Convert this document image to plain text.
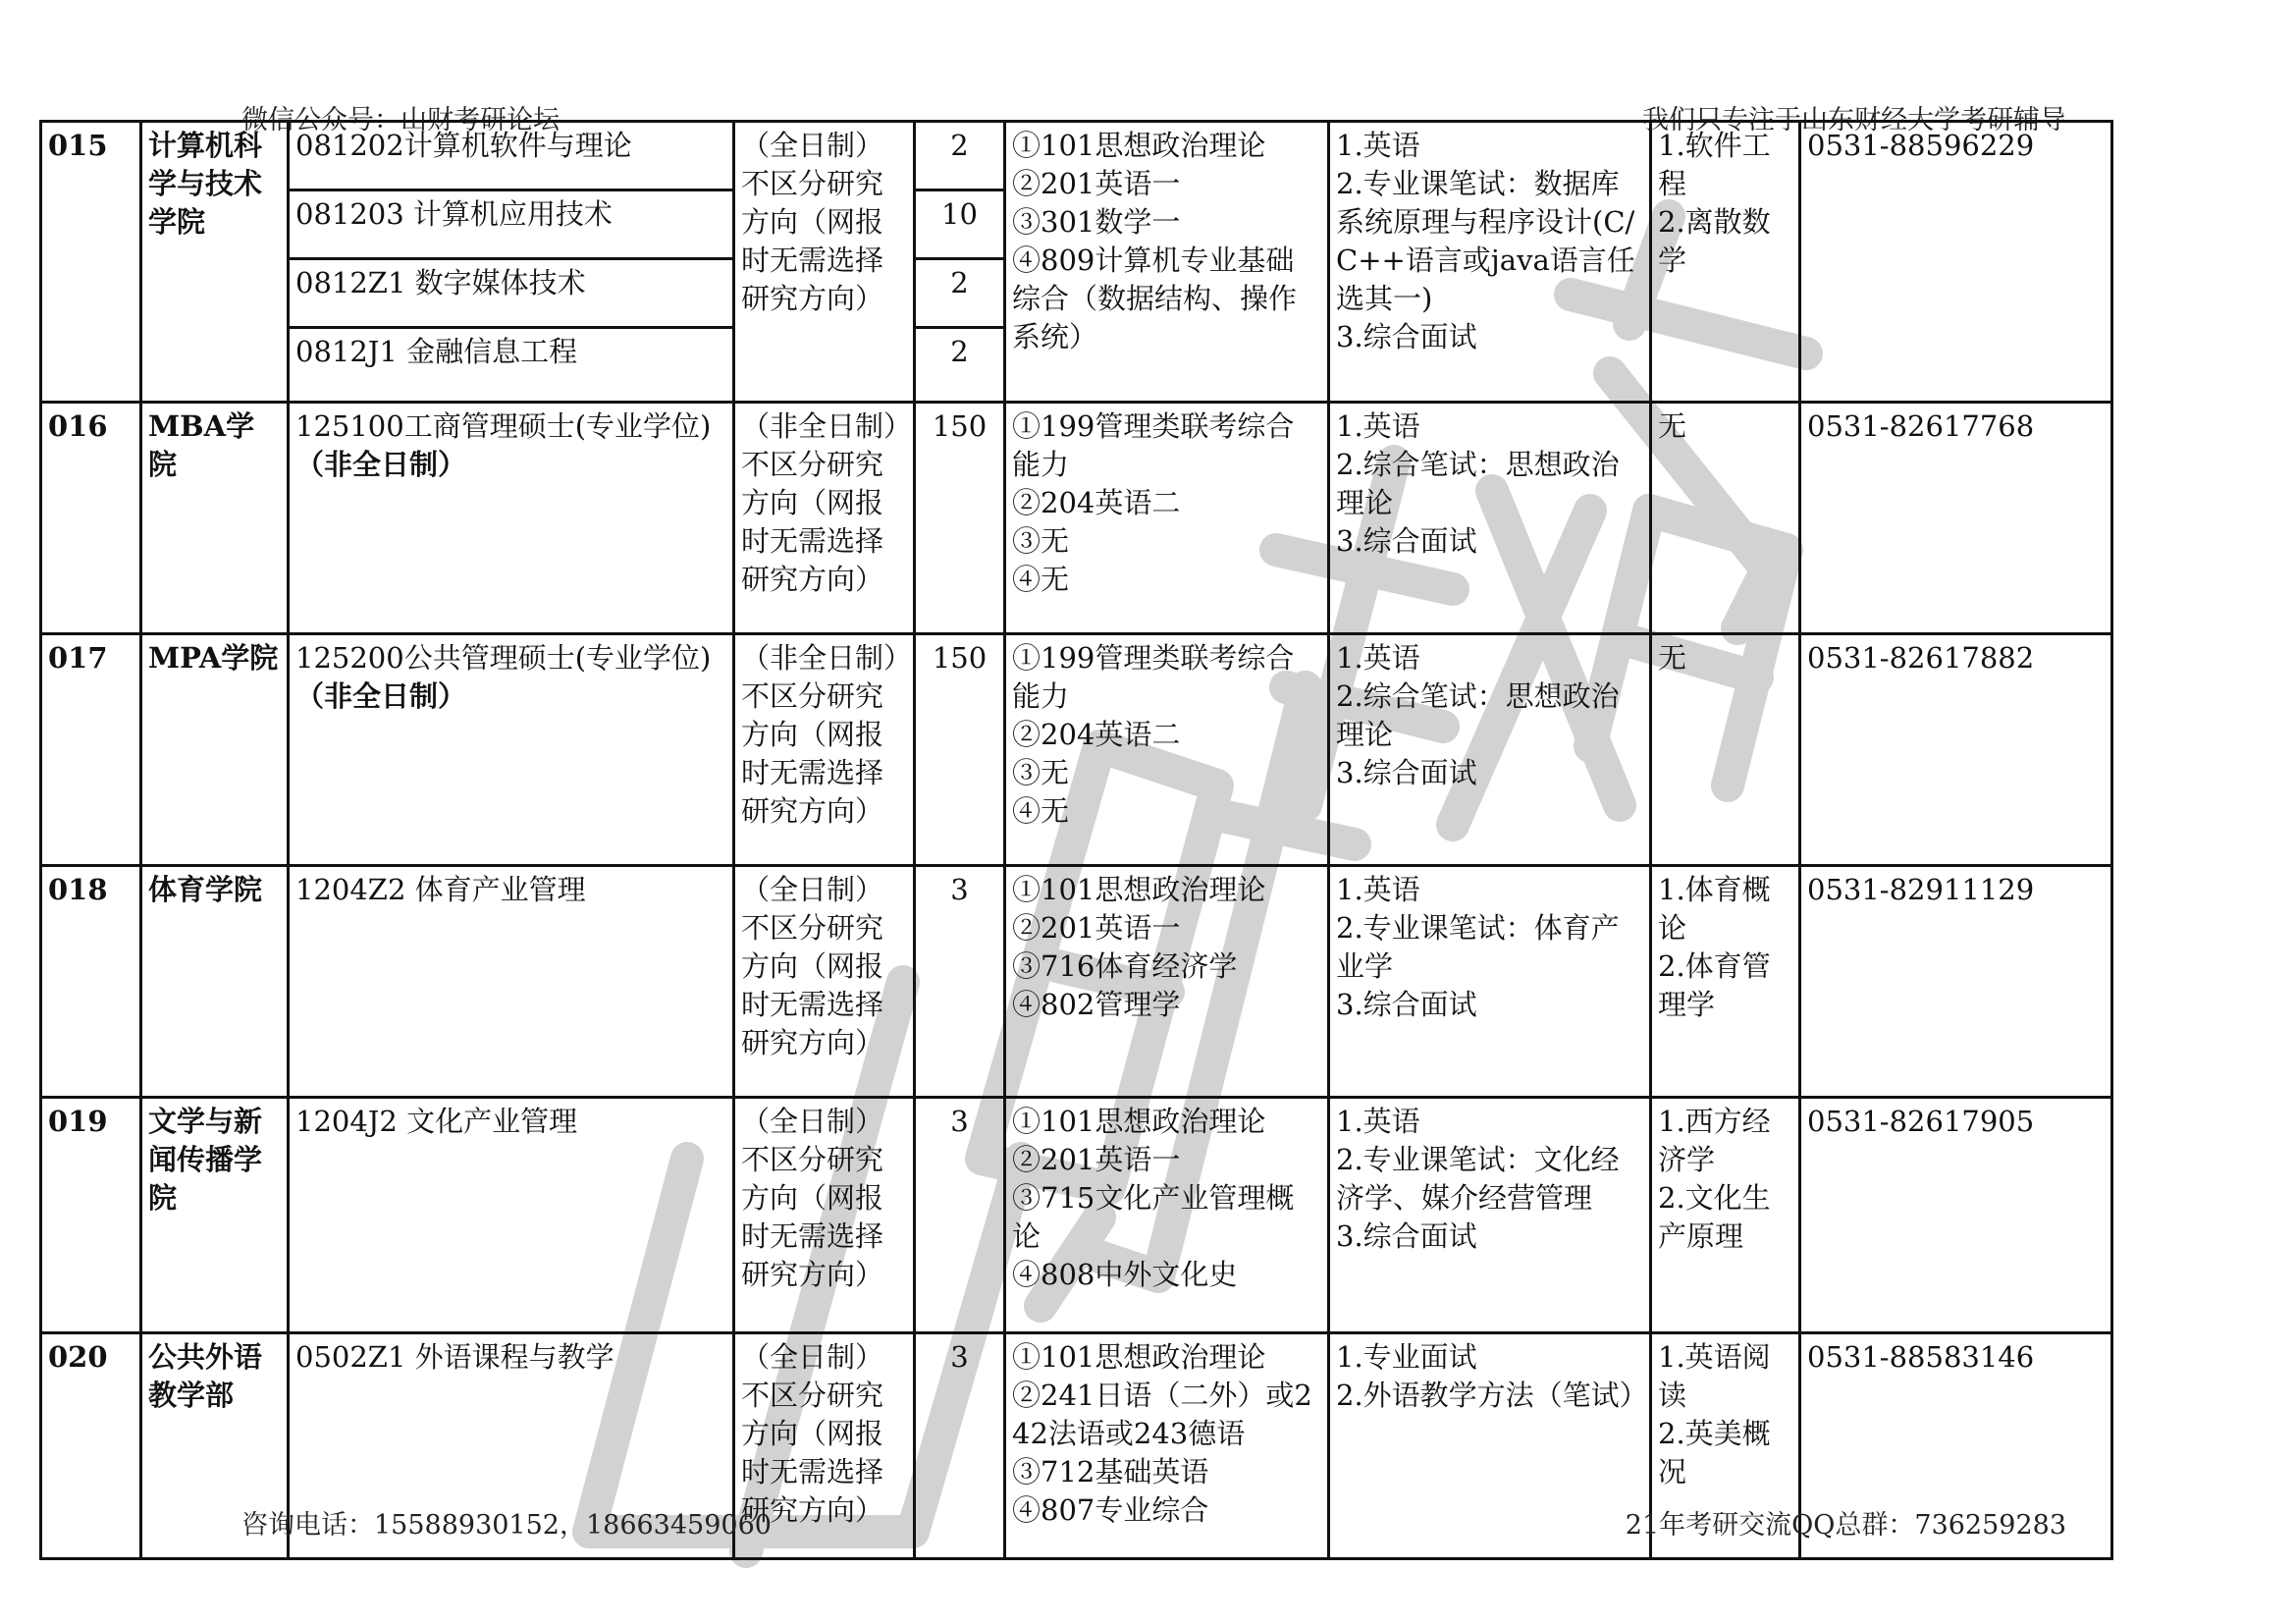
微信公众号：山财考研论坛	我们只专注于山东财经大学考研辅导
015	计算机科学与技术学院	081202计算机软件与理论	（全日制）不区分研究方向（网报时无需选择研究方向）	2	①101思想政治理论
②201英语一
③301数学一
④809计算机专业基础综合（数据结构、操作系统）	1.英语
2.专业课笔试：数据库系统原理与程序设计(C/C++语言或java语言任选其一)
3.综合面试	1.软件工程
2.离散数学	0531-88596229
		081203 计算机应用技术		10				
		0812Z1 数字媒体技术		2				
		0812J1 金融信息工程		2				
016	MBA学院	125100工商管理硕士(专业学位)
（非全日制）	（非全日制）不区分研究方向（网报时无需选择研究方向）	150	①199管理类联考综合能力
②204英语二
③无
④无	1.英语
2.综合笔试：思想政治理论
3.综合面试	无	0531-82617768
017	MPA学院	125200公共管理硕士(专业学位)
（非全日制）	（非全日制）不区分研究方向（网报时无需选择研究方向）	150	①199管理类联考综合能力
②204英语二
③无
④无	1.英语
2.综合笔试：思想政治理论
3.综合面试	无	0531-82617882
018	体育学院	1204Z2 体育产业管理	（全日制）不区分研究方向（网报时无需选择研究方向）	3	①101思想政治理论
②201英语一
③716体育经济学
④802管理学	1.英语
2.专业课笔试：体育产业学
3.综合面试	1.体育概论
2.体育管理学	0531-82911129
019	文学与新闻传播学院	1204J2 文化产业管理	（全日制）不区分研究方向（网报时无需选择研究方向）	3	①101思想政治理论
②201英语一
③715文化产业管理概论
④808中外文化史	1.英语
2.专业课笔试：文化经济学、媒介经营管理
3.综合面试	1.西方经济学
2.文化生产原理	0531-82617905
020	公共外语教学部	0502Z1 外语课程与教学	（全日制）不区分研究方向（网报时无需选择研究方向）	3	①101思想政治理论
②241日语（二外）或242法语或243德语
③712基础英语
④807专业综合	1.专业面试
2.外语教学方法（笔试）	1.英语阅读
2.英美概况	0531-88583146
咨询电话：15588930152，18663459060	21年考研交流QQ总群：736259283
